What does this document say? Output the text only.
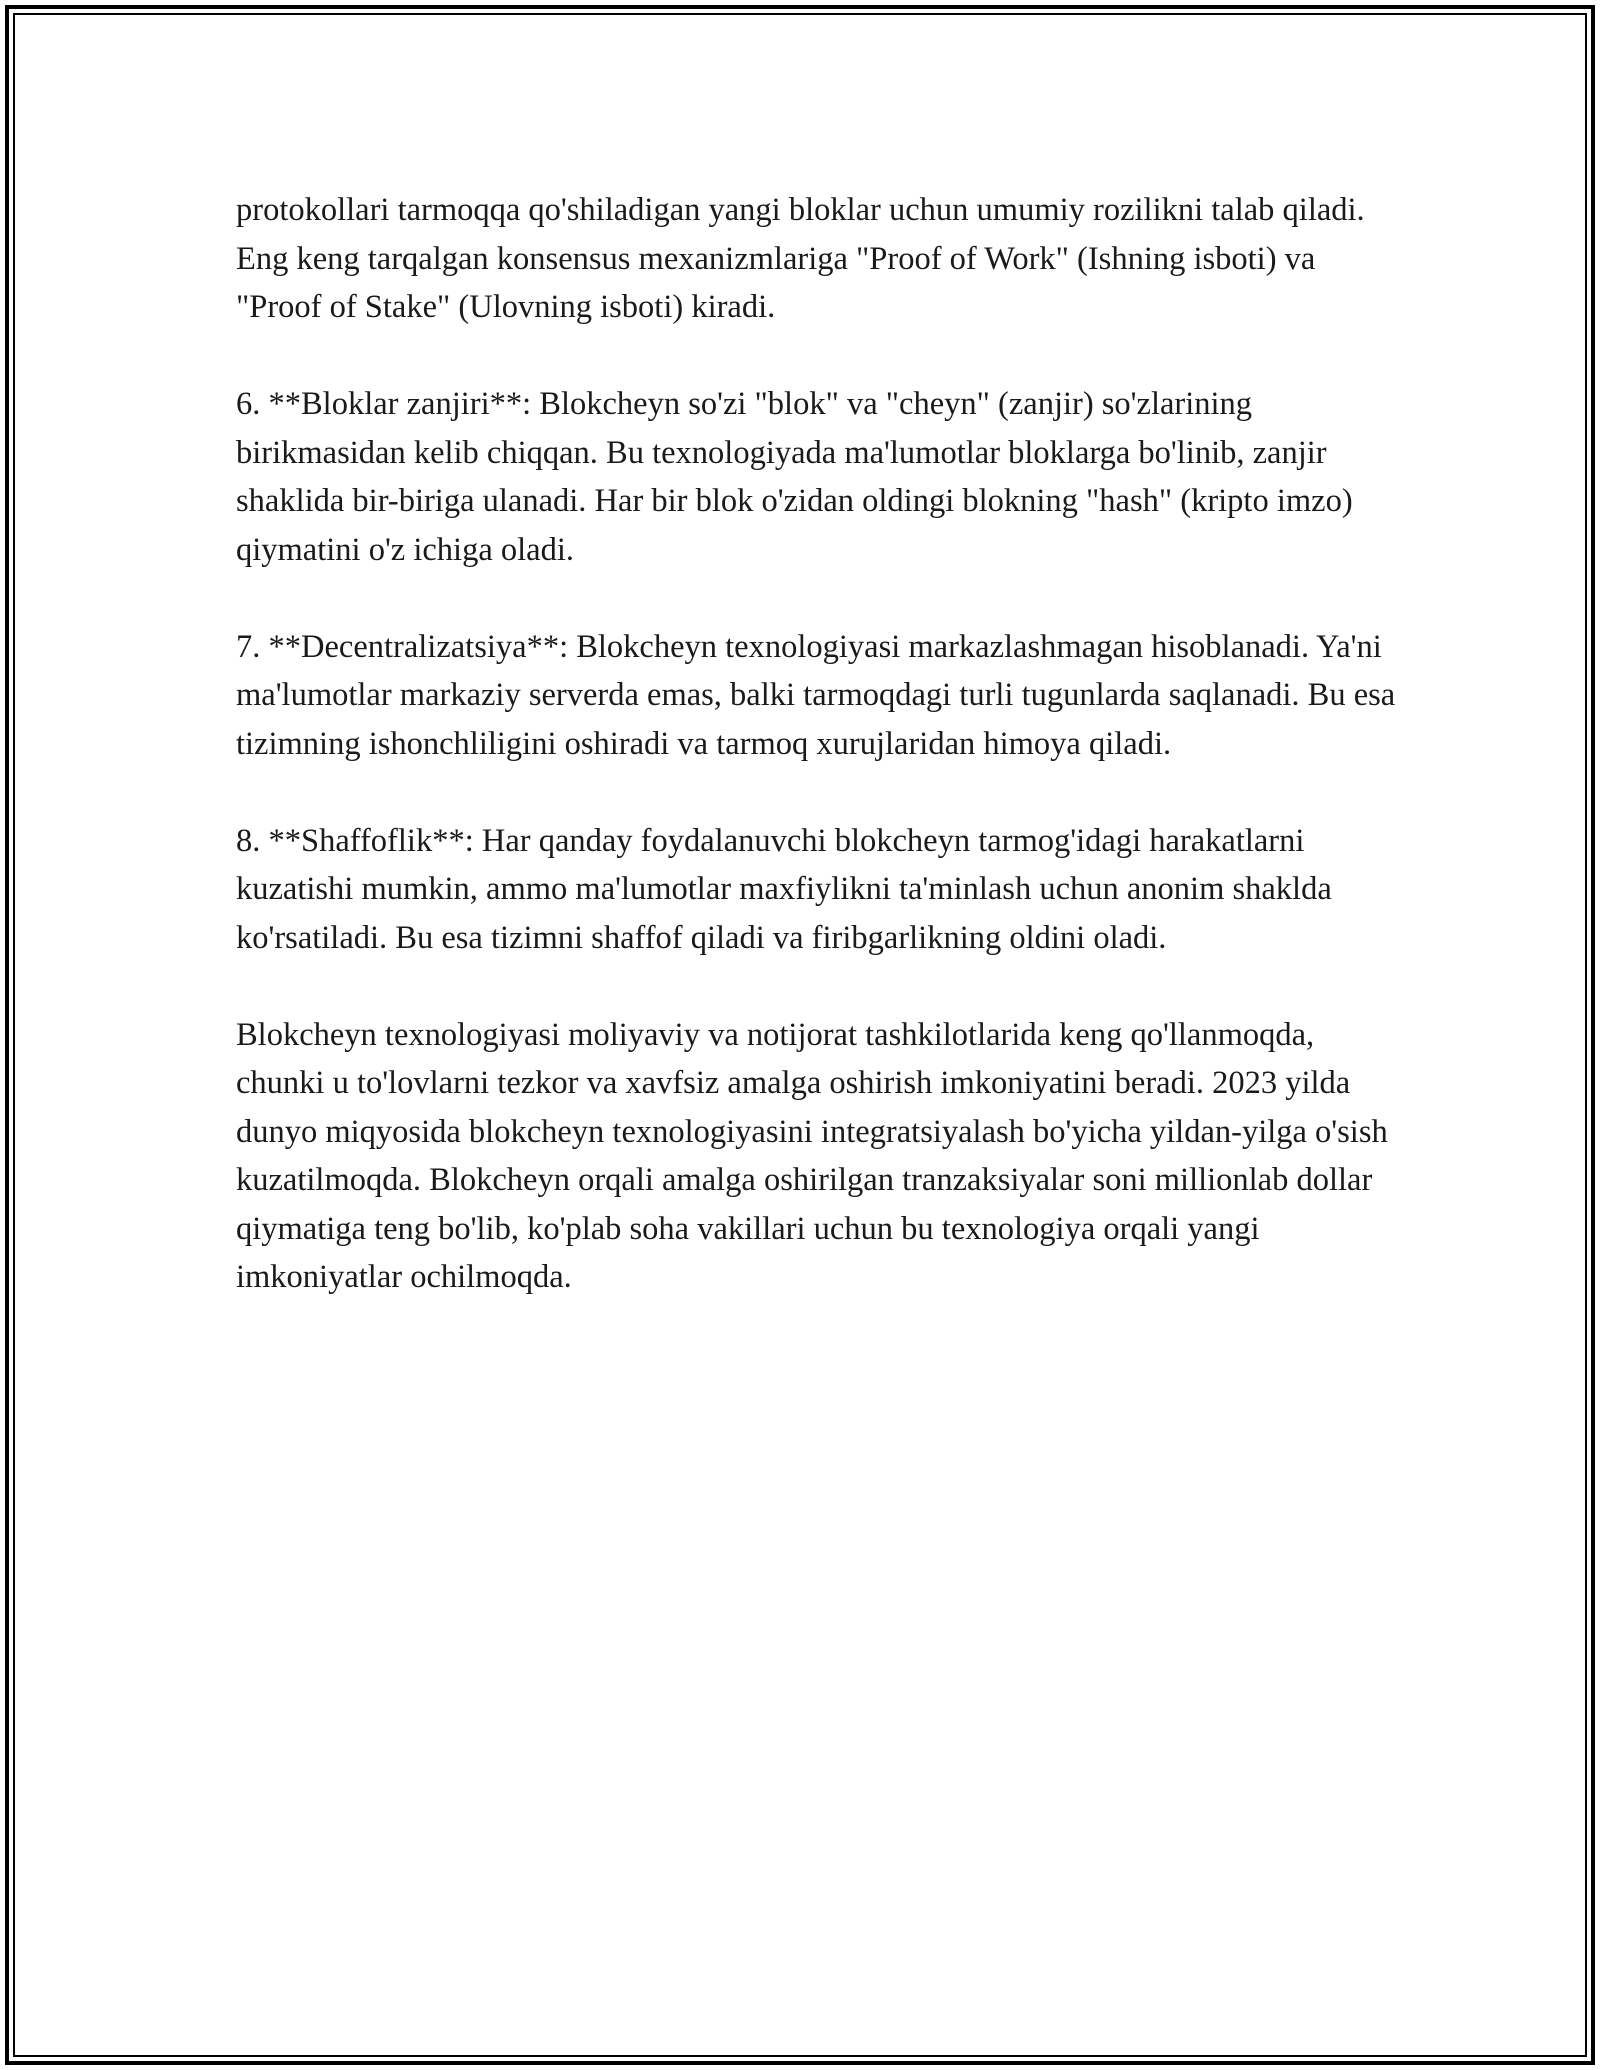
protokollari tarmoqqa qo'shiladigan yangi bloklar uchun umumiy rozilikni talab qiladi. Eng keng tarqalgan konsensus mexanizmlariga "Proof of Work" (Ishning isboti) va "Proof of Stake" (Ulovning isboti) kiradi.

6. **Bloklar zanjiri**: Blokcheyn so'zi "blok" va "cheyn" (zanjir) so'zlarining birikmasidan kelib chiqqan. Bu texnologiyada ma'lumotlar bloklarga bo'linib, zanjir shaklida bir-biriga ulanadi. Har bir blok o'zidan oldingi blokning "hash" (kripto imzo) qiymatini o'z ichiga oladi.

7. **Decentralizatsiya**: Blokcheyn texnologiyasi markazlashmagan hisoblanadi. Ya'ni ma'lumotlar markaziy serverda emas, balki tarmoqdagi turli tugunlarda saqlanadi. Bu esa tizimning ishonchliligini oshiradi va tarmoq xurujlaridan himoya qiladi.

8. **Shaffoflik**: Har qanday foydalanuvchi blokcheyn tarmog'idagi harakatlarni kuzatishi mumkin, ammo ma'lumotlar maxfiylikni ta'minlash uchun anonim shaklda ko'rsatiladi. Bu esa tizimni shaffof qiladi va firibgarlikning oldini oladi.

Blokcheyn texnologiyasi moliyaviy va notijorat tashkilotlarida keng qo'llanmoqda, chunki u to'lovlarni tezkor va xavfsiz amalga oshirish imkoniyatini beradi. 2023 yilda dunyo miqyosida blokcheyn texnologiyasini integratsiyalash bo'yicha yildan-yilga o'sish kuzatilmoqda. Blokcheyn orqali amalga oshirilgan tranzaksiyalar soni millionlab dollar qiymatiga teng bo'lib, ko'plab soha vakillari uchun bu texnologiya orqali yangi imkoniyatlar ochilmoqda.
